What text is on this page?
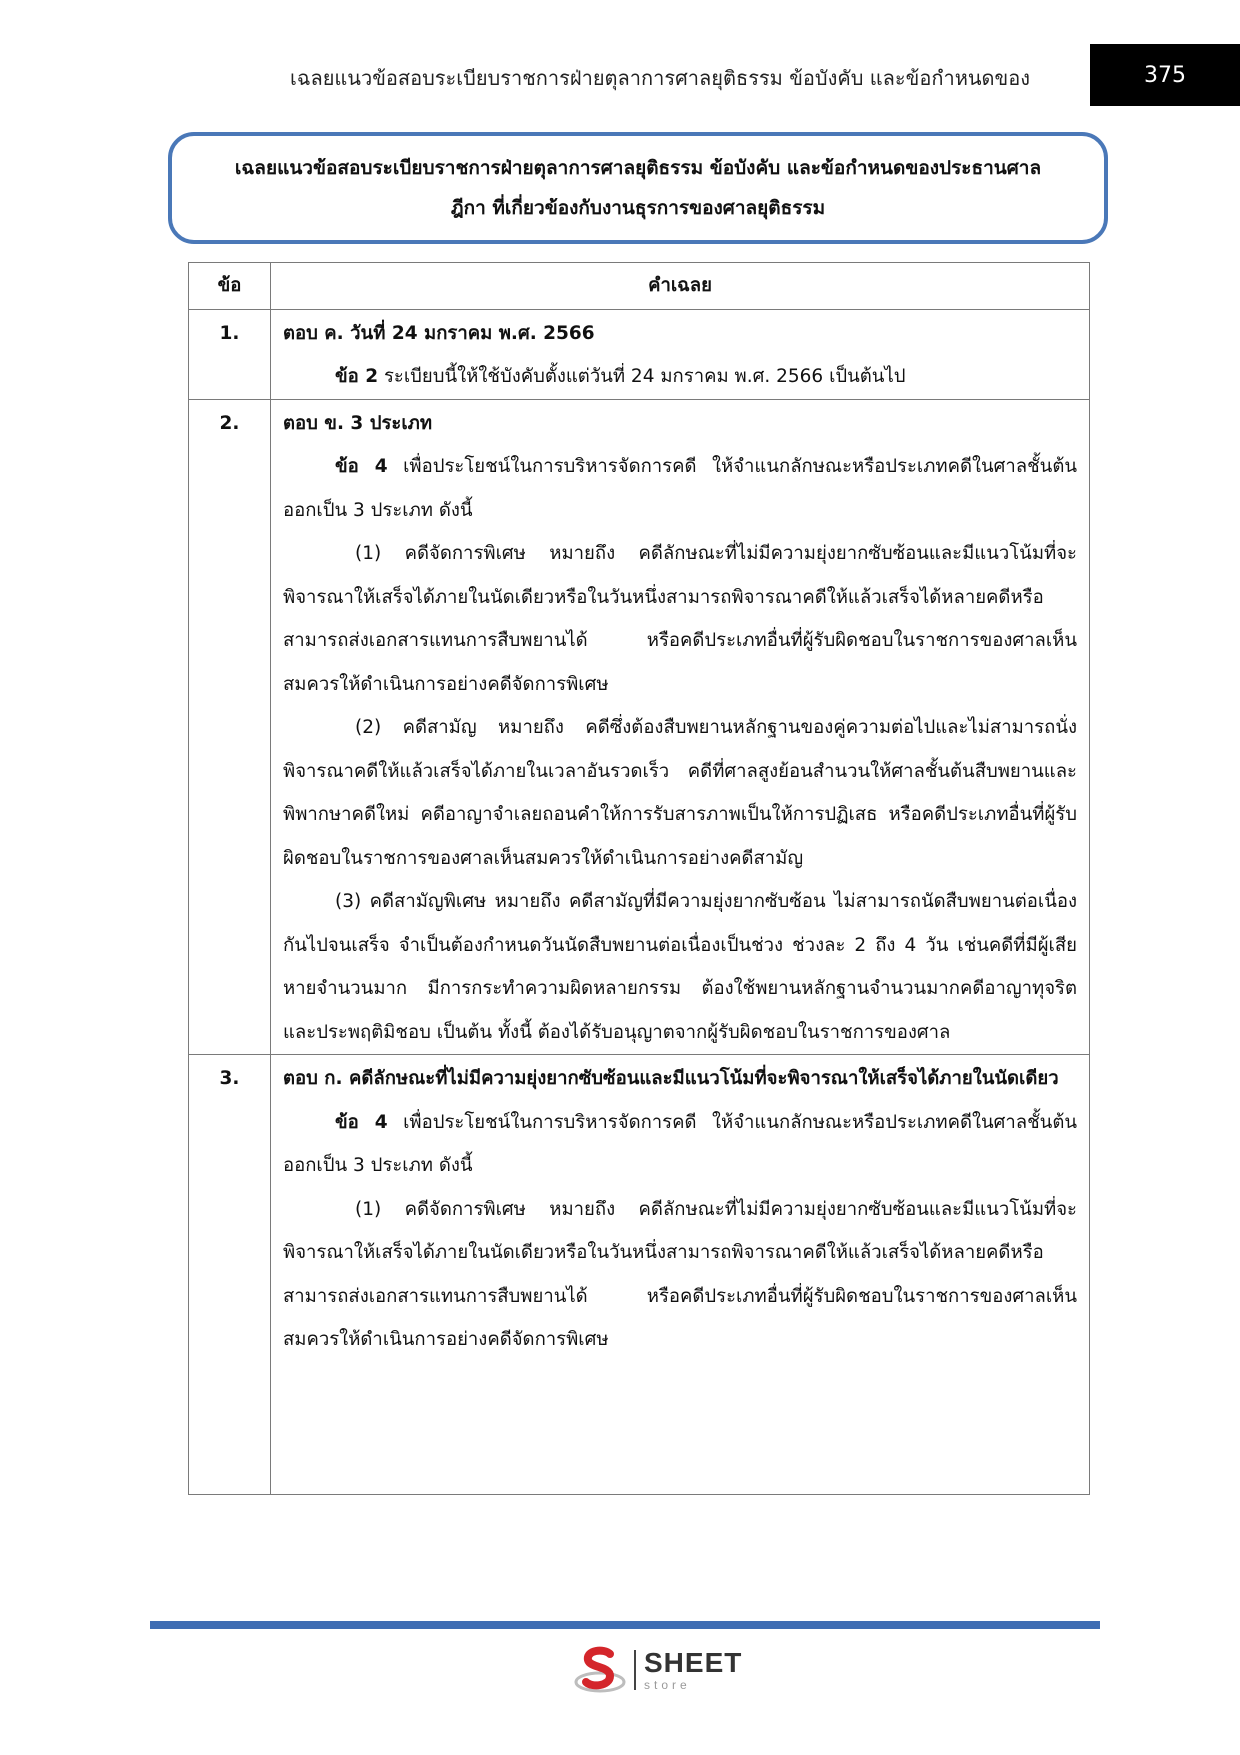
เฉลยแนวข้อสอบระเบียบราชการฝ่ายตุลาการศาลยุติธรรม ข้อบังคับ และข้อกำหนดของ	375
เฉลยแนวข้อสอบระเบียบราชการฝ่ายตุลาการศาลยุติธรรม ข้อบังคับ และข้อกำหนดของประธานศาล
ฎีกา ที่เกี่ยวข้องกับงานธุรการของศาลยุติธรรม
ข้อ	คำเฉลย
1.	ตอบ ค. วันที่ 24 มกราคม พ.ศ. 2566

ข้อ 2 ระเบียบนี้ให้ใช้บังคับตั้งแต่วันที่ 24 มกราคม พ.ศ. 2566 เป็นต้นไป

2.	ตอบ ข. 3 ประเภท

ข้อ 4 เพื่อประโยชน์ในการบริหารจัดการคดี ให้จำแนกลักษณะหรือประเภทคดีในศาลชั้นต้นออกเป็น 3 ประเภท ดังนี้

(1) คดีจัดการพิเศษ หมายถึง คดีลักษณะที่ไม่มีความยุ่งยากซับซ้อนและมีแนวโน้มที่จะพิจารณาให้เสร็จได้ภายในนัดเดียวหรือในวันหนึ่งสามารถพิจารณาคดีให้แล้วเสร็จได้หลายคดีหรือสามารถส่งเอกสารแทนการสืบพยานได้ หรือคดีประเภทอื่นที่ผู้รับผิดชอบในราชการของศาลเห็นสมควรให้ดำเนินการอย่างคดีจัดการพิเศษ

(2) คดีสามัญ หมายถึง คดีซึ่งต้องสืบพยานหลักฐานของคู่ความต่อไปและไม่สามารถนั่งพิจารณาคดีให้แล้วเสร็จได้ภายในเวลาอันรวดเร็ว คดีที่ศาลสูงย้อนสำนวนให้ศาลชั้นต้นสืบพยานและพิพากษาคดีใหม่ คดีอาญาจำเลยถอนคำให้การรับสารภาพเป็นให้การปฏิเสธ หรือคดีประเภทอื่นที่ผู้รับผิดชอบในราชการของศาลเห็นสมควรให้ดำเนินการอย่างคดีสามัญ

(3) คดีสามัญพิเศษ หมายถึง คดีสามัญที่มีความยุ่งยากซับซ้อน ไม่สามารถนัดสืบพยานต่อเนื่องกันไปจนเสร็จ จำเป็นต้องกำหนดวันนัดสืบพยานต่อเนื่องเป็นช่วง ช่วงละ 2 ถึง 4 วัน เช่นคดีที่มีผู้เสียหายจำนวนมาก มีการกระทำความผิดหลายกรรม ต้องใช้พยานหลักฐานจำนวนมากคดีอาญาทุจริตและประพฤติมิชอบ เป็นต้น ทั้งนี้ ต้องได้รับอนุญาตจากผู้รับผิดชอบในราชการของศาล

3.	ตอบ ก. คดีลักษณะที่ไม่มีความยุ่งยากซับซ้อนและมีแนวโน้มที่จะพิจารณาให้เสร็จได้ภายในนัดเดียว

ข้อ 4 เพื่อประโยชน์ในการบริหารจัดการคดี ให้จำแนกลักษณะหรือประเภทคดีในศาลชั้นต้นออกเป็น 3 ประเภท ดังนี้

(1) คดีจัดการพิเศษ หมายถึง คดีลักษณะที่ไม่มีความยุ่งยากซับซ้อนและมีแนวโน้มที่จะพิจารณาให้เสร็จได้ภายในนัดเดียวหรือในวันหนึ่งสามารถพิจารณาคดีให้แล้วเสร็จได้หลายคดีหรือสามารถส่งเอกสารแทนการสืบพยานได้ หรือคดีประเภทอื่นที่ผู้รับผิดชอบในราชการของศาลเห็นสมควรให้ดำเนินการอย่างคดีจัดการพิเศษ

SHEET
store
